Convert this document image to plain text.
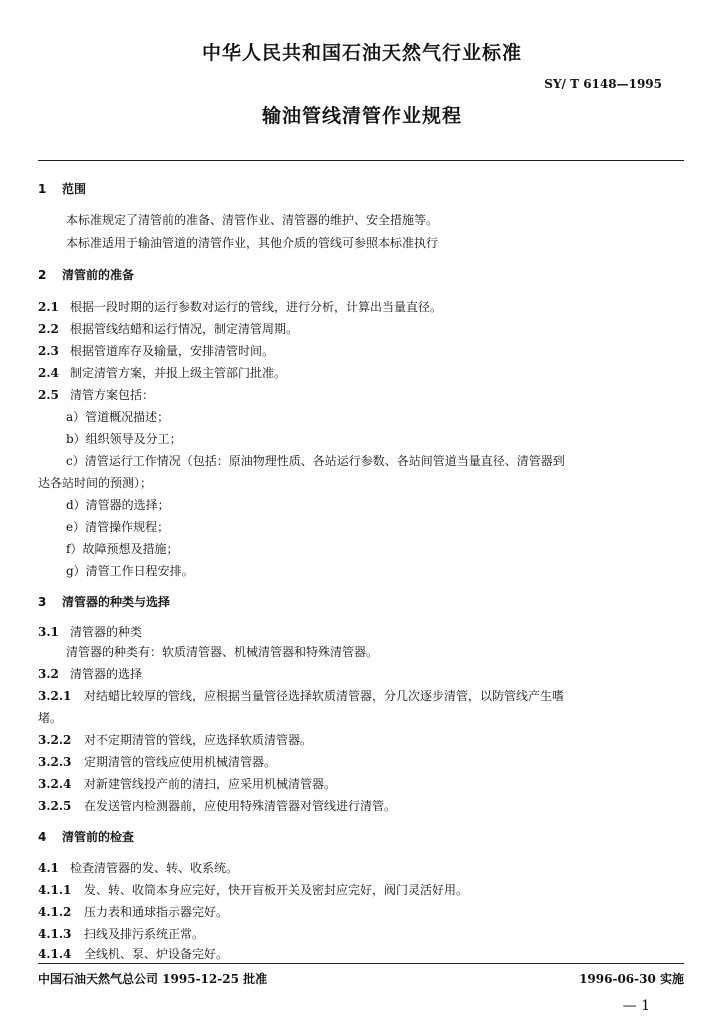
中华人民共和国石油天然气行业标准
SY/ T 6148—1995
输油管线清管作业规程
1 范围
本标准规定了清管前的准备、清管作业、清管器的维护、安全措施等。
本标准适用于输油管道的清管作业，其他介质的管线可参照本标准执行
2 清管前的准备
2.1 根据一段时期的运行参数对运行的管线，进行分析，计算出当量直径。
2.2 根据管线结蜡和运行情况，制定清管周期。
2.3 根据管道库存及输量，安排清管时间。
2.4 制定清管方案，并报上级主管部门批准。
2.5 清管方案包括：
a）管道概况描述；
b）组织领导及分工；
c）清管运行工作情况（包括：原油物理性质、各站运行参数、各站间管道当量直径、清管器到
达各站时间的预测）；
d）清管器的选择；
e）清管操作规程；
f）故障预想及措施；
g）清管工作日程安排。
3 清管器的种类与选择
3.1 清管器的种类
清管器的种类有：软质清管器、机械清管器和特殊清管器。
3.2 清管器的选择
3.2.1 对结蜡比较厚的管线，应根据当量管径选择软质清管器，分几次逐步清管，以防管线产生嗜
堵。
3.2.2 对不定期清管的管线，应选择软质清管器。
3.2.3 定期清管的管线应使用机械清管器。
3.2.4 对新建管线投产前的清扫，应采用机械清管器。
3.2.5 在发送管内检测器前，应使用特殊清管器对管线进行清管。
4 清管前的检查
4.1 检查清管器的发、转、收系统。
4.1.1 发、转、收筒本身应完好，快开盲板开关及密封应完好，阀门灵活好用。
4.1.2 压力表和通球指示器完好。
4.1.3 扫线及排污系统正常。
4.1.4 全线机、泵、炉设备完好。
中国石油天然气总公司 1995-12-25 批准	1996-06-30 实施
— 1
